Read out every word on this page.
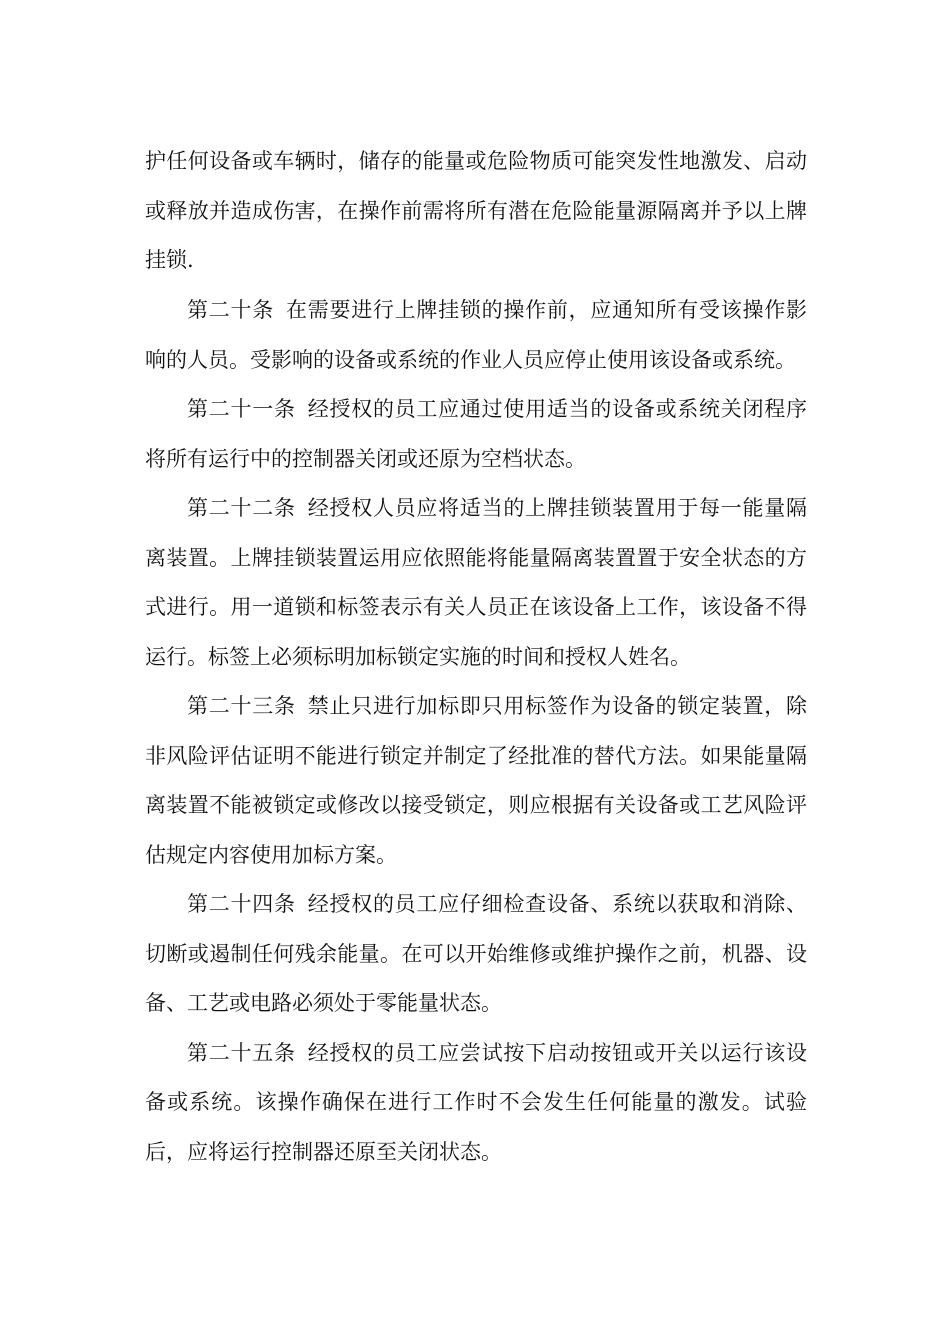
护任何设备或车辆时，储存的能量或危险物质可能突发性地激发、启动或释放并造成伤害，在操作前需将所有潜在危险能量源隔离并予以上牌挂锁.

第二十条 在需要进行上牌挂锁的操作前，应通知所有受该操作影响的人员。受影响的设备或系统的作业人员应停止使用该设备或系统。

第二十一条 经授权的员工应通过使用适当的设备或系统关闭程序将所有运行中的控制器关闭或还原为空档状态。

第二十二条 经授权人员应将适当的上牌挂锁装置用于每一能量隔离装置。上牌挂锁装置运用应依照能将能量隔离装置置于安全状态的方式进行。用一道锁和标签表示有关人员正在该设备上工作，该设备不得运行。标签上必须标明加标锁定实施的时间和授权人姓名。

第二十三条 禁止只进行加标即只用标签作为设备的锁定装置，除非风险评估证明不能进行锁定并制定了经批准的替代方法。如果能量隔离装置不能被锁定或修改以接受锁定，则应根据有关设备或工艺风险评估规定内容使用加标方案。

第二十四条 经授权的员工应仔细检查设备、系统以获取和消除、切断或遏制任何残余能量。在可以开始维修或维护操作之前，机器、设备、工艺或电路必须处于零能量状态。

第二十五条 经授权的员工应尝试按下启动按钮或开关以运行该设备或系统。该操作确保在进行工作时不会发生任何能量的激发。试验后，应将运行控制器还原至关闭状态。
